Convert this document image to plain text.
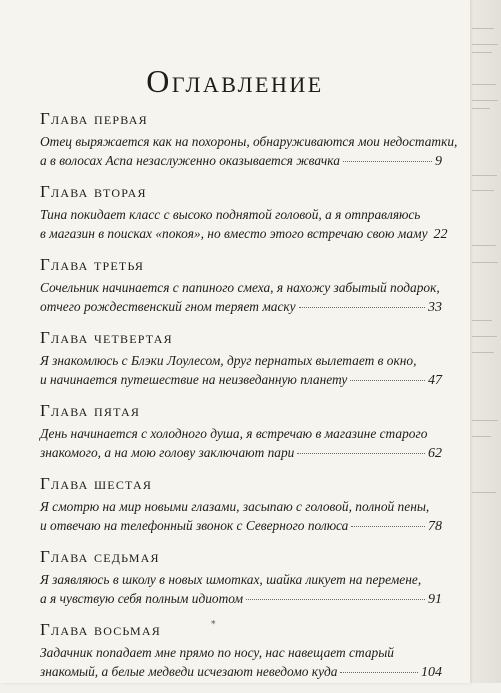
Оглавление
Глава первая
Отец выряжается как на похороны, обнаруживаются мои недостатки,
а в волосах Аспа незаслуженно оказывается жвачка	9
Глава вторая
Тина покидает класс с высоко поднятой головой, а я отправляюсь
в магазин в поисках «покоя», но вместо этого встречаю свою маму 22
Глава третья
Сочельник начинается с папиного смеха, я нахожу забытый подарок,
отчего рождественский гном теряет маску	33
Глава четвертая
Я знакомлюсь с Блэки Лоулесом, друг пернатых вылетает в окно,
и начинается путешествие на неизведанную планету	47
Глава пятая
День начинается с холодного душа, я встречаю в магазине старого
знакомого, а на мою голову заключают пари	62
Глава шестая
Я смотрю на мир новыми глазами, засыпаю с головой, полной пены,
и отвечаю на телефонный звонок с Северного полюса	78
Глава седьмая
Я заявляюсь в школу в новых шмотках, шайка ликует на перемене,
а я чувствую себя полным идиотом	91
Глава восьмая
Задачник попадает мне прямо по носу, нас навещает старый
знакомый, а белые медведи исчезают неведомо куда	104
*
